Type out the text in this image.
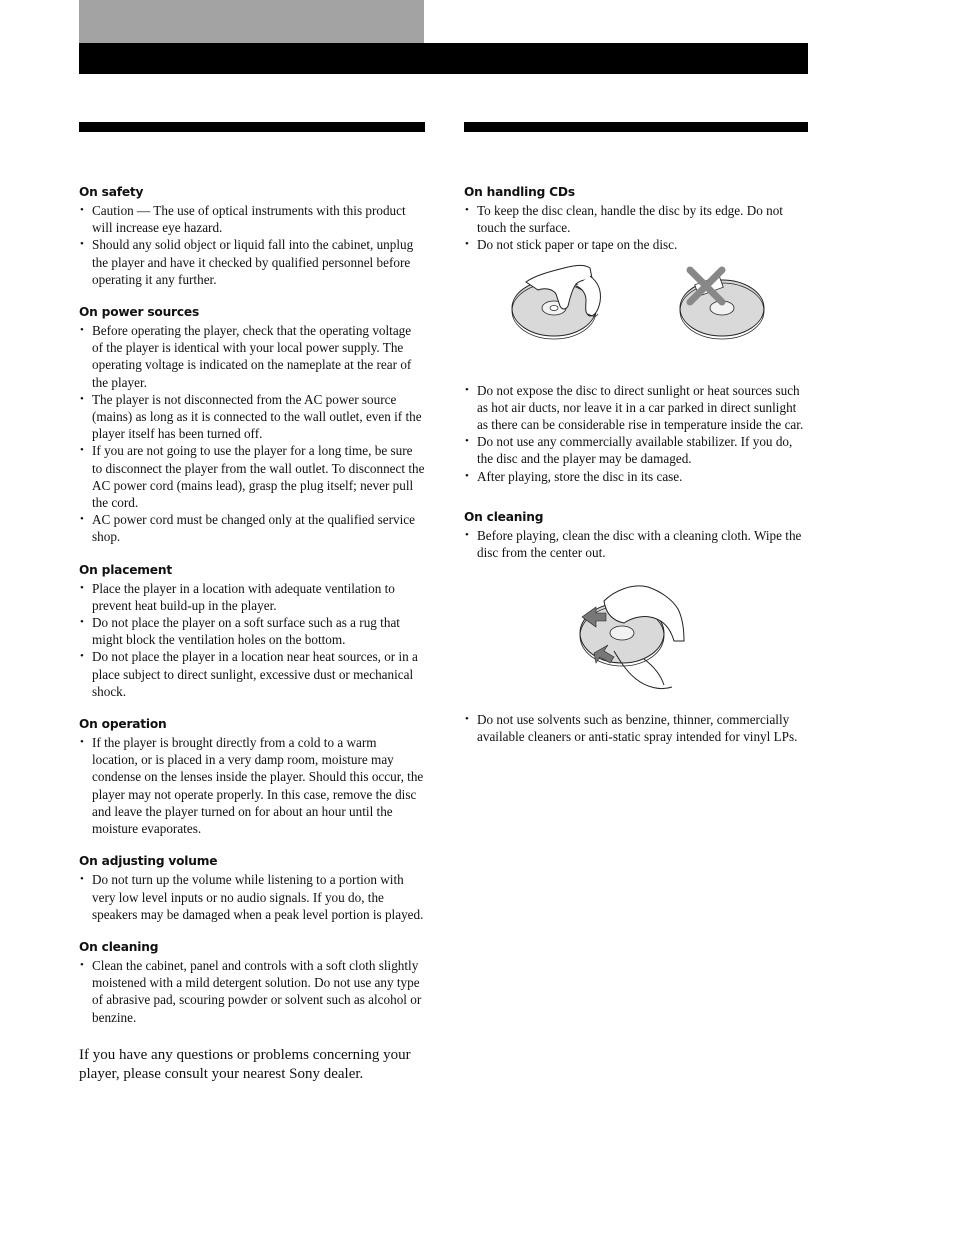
On safety
• Caution — The use of optical instruments with this product will increase eye hazard.
• Should any solid object or liquid fall into the cabinet, unplug the player and have it checked by qualified personnel before operating it any further.
On power sources
• Before operating the player, check that the operating voltage of the player is identical with your local power supply. The operating voltage is indicated on the nameplate at the rear of the player.
• The player is not disconnected from the AC power source (mains) as long as it is connected to the wall outlet, even if the player itself has been turned off.
• If you are not going to use the player for a long time, be sure to disconnect the player from the wall outlet. To disconnect the AC power cord (mains lead), grasp the plug itself; never pull the cord.
• AC power cord must be changed only at the qualified service shop.
On placement
• Place the player in a location with adequate ventilation to prevent heat build-up in the player.
• Do not place the player on a soft surface such as a rug that might block the ventilation holes on the bottom.
• Do not place the player in a location near heat sources, or in a place subject to direct sunlight, excessive dust or mechanical shock.
On operation
• If the player is brought directly from a cold to a warm location, or is placed in a very damp room, moisture may condense on the lenses inside the player. Should this occur, the player may not operate properly. In this case, remove the disc and leave the player turned on for about an hour until the moisture evaporates.
On adjusting volume
• Do not turn up the volume while listening to a portion with very low level inputs or no audio signals. If you do, the speakers may be damaged when a peak level portion is played.
On cleaning
• Clean the cabinet, panel and controls with a soft cloth slightly moistened with a mild detergent solution. Do not use any type of abrasive pad, scouring powder or solvent such as alcohol or benzine.
If you have any questions or problems concerning your player, please consult your nearest Sony dealer.
On handling CDs
• To keep the disc clean, handle the disc by its edge. Do not touch the surface.
• Do not stick paper or tape on the disc.
• Do not expose the disc to direct sunlight or heat sources such as hot air ducts, nor leave it in a car parked in direct sunlight as there can be considerable rise in temperature inside the car.
• Do not use any commercially available stabilizer. If you do, the disc and the player may be damaged.
• After playing, store the disc in its case.
On cleaning
• Before playing, clean the disc with a cleaning cloth. Wipe the disc from the center out.
• Do not use solvents such as benzine, thinner, commercially available cleaners or anti-static spray intended for vinyl LPs.
